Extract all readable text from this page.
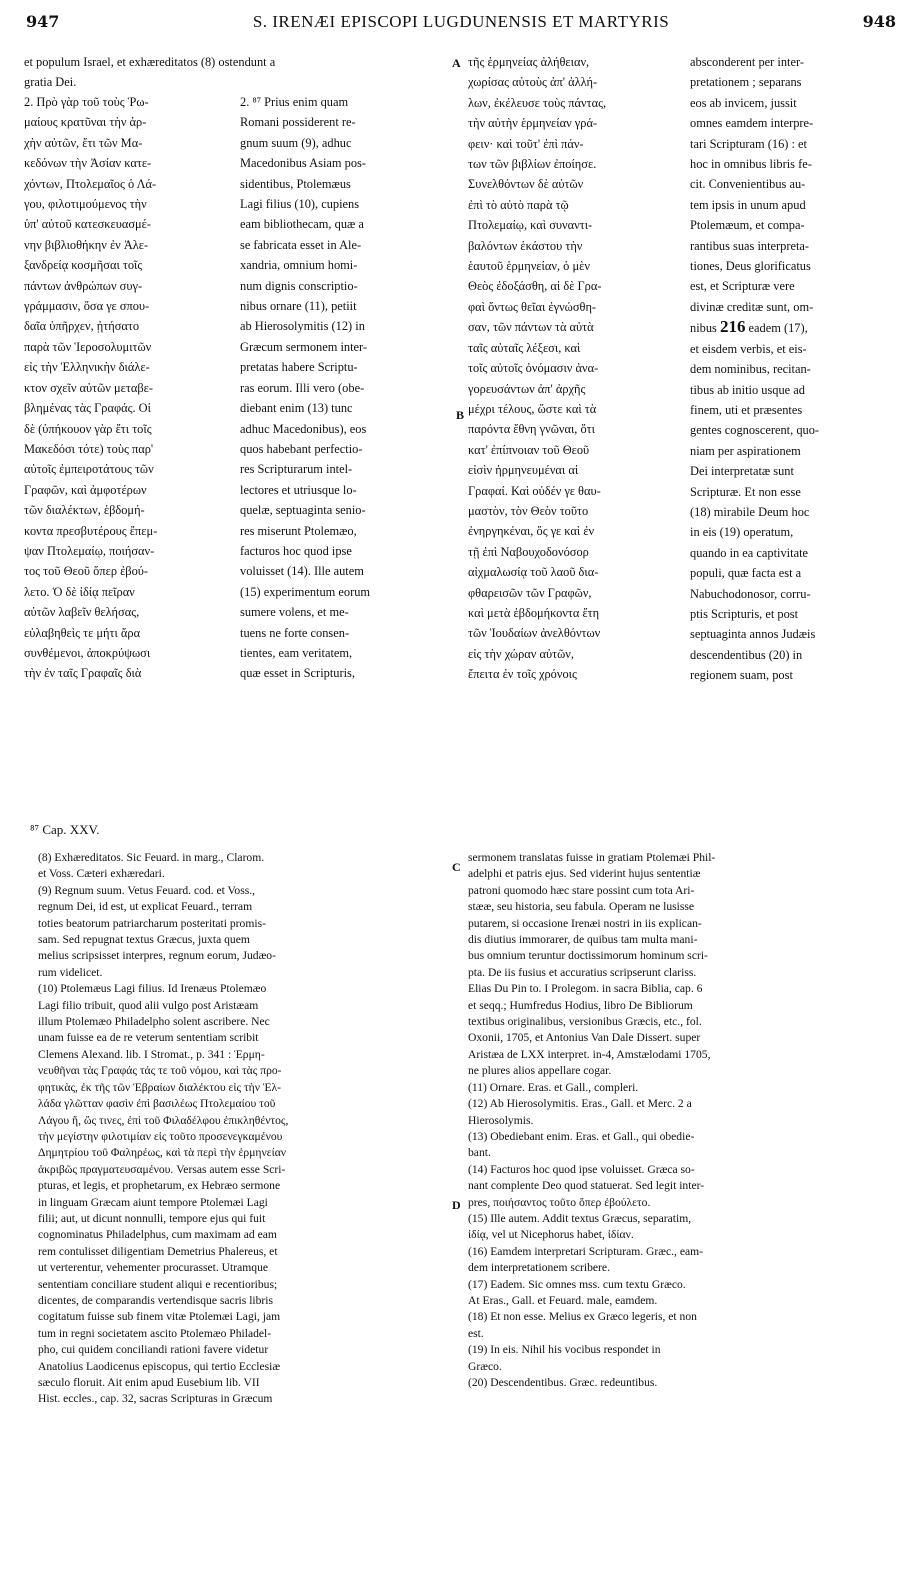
947	S. IRENÆI EPISCOPI LUGDUNENSIS ET MARTYRIS	948

et populum Israel, et exhæreditatos (8) ostendunt a

gratia Dei.

2. Πρὸ γὰρ τοῦ τοὺς Ῥω-

μαίους κρατῦναι τὴν ἀρ-

χὴν αὐτῶν, ἔτι τῶν Μα-

κεδόνων τὴν Ἀσίαν κατε-

χόντων, Πτολεμαῖος ὁ Λά-

γου, φιλοτιμούμενος τὴν

ὑπ' αὐτοῦ κατεσκευασμέ-

νην βιβλιοθήκην ἐν Ἀλε-

ξανδρείᾳ κοσμῆσαι τοῖς

πάντων ἀνθρώπων συγ-

γράμμασιν, ὅσα γε σπου-

δαῖα ὑπῆρχεν, ᾐτήσατο

παρὰ τῶν Ἱεροσολυμιτῶν

εἰς τὴν Ἑλληνικὴν διάλε-

κτον σχεῖν αὐτῶν μεταβε-

βλημένας τὰς Γραφάς. Οἱ

δὲ (ὑπήκουον γὰρ ἔτι τοῖς

Μακεδόσι τότε) τοὺς παρ'

αὐτοῖς ἐμπειροτάτους τῶν

Γραφῶν, καὶ ἀμφοτέρων

τῶν διαλέκτων, ἑβδομή-

κοντα πρεσβυτέρους ἔπεμ-

ψαν Πτολεμαίῳ, ποιήσαν-

τος τοῦ Θεοῦ ὅπερ ἐβού-

λετο. Ὁ δὲ ἰδίᾳ πεῖραν

αὐτῶν λαβεῖν θελήσας,

εὐλαβηθεὶς τε μήτι ἄρα

συνθέμενοι, ἀποκρύψωσι

τὴν ἐν ταῖς Γραφαῖς διὰ

2. ⁸⁷ Prius enim quam

Romani possiderent re-

gnum suum (9), adhuc

Macedonibus Asiam pos-

sidentibus, Ptolemæus

Lagi filius (10), cupiens

eam bibliothecam, quæ a

se fabricata esset in Ale-

xandria, omnium homi-

num dignis conscriptio-

nibus ornare (11), petiit

ab Hierosolymitis (12) in

Græcum sermonem inter-

pretatas habere Scriptu-

ras eorum. Illi vero (obe-

diebant enim (13) tunc

adhuc Macedonibus), eos

quos habebant perfectio-

res Scripturarum intel-

lectores et utriusque lo-

quelæ, septuaginta senio-

res miserunt Ptolemæo,

facturos hoc quod ipse

voluisset (14). Ille autem

(15) experimentum eorum

sumere volens, et me-

tuens ne forte consen-

tientes, eam veritatem,

quæ esset in Scripturis,

τῆς ἑρμηνείας ἀλήθειαν,

χωρίσας αὐτοὺς ἀπ' ἀλλή-

λων, ἐκέλευσε τοὺς πάντας,

τὴν αὐτὴν ἑρμηνείαν γρά-

φειν· καὶ τοῦτ' ἐπὶ πάν-

των τῶν βιβλίων ἐποίησε.

Συνελθόντων δὲ αὐτῶν

ἐπὶ τὸ αὐτὸ παρὰ τῷ

Πτολεμαίῳ, καὶ συναντι-

βαλόντων ἑκάστου τὴν

ἑαυτοῦ ἑρμηνείαν, ὁ μὲν

Θεὸς ἐδοξάσθη, αἱ δὲ Γρα-

φαὶ ὄντως θεῖαι ἐγνώσθη-

σαν, τῶν πάντων τὰ αὐτὰ

ταῖς αὐταῖς λέξεσι, καὶ

τοῖς αὐτοῖς ὀνόμασιν ἀνα-

γορευσάντων ἀπ' ἀρχῆς

μέχρι τέλους, ὥστε καὶ τὰ

παρόντα ἔθνη γνῶναι, ὅτι

κατ' ἐπίπνοιαν τοῦ Θεοῦ

εἰσὶν ἡρμηνευμέναι αἱ

Γραφαί. Καὶ οὐδέν γε θαυ-

μαστὸν, τὸν Θεὸν τοῦτο

ἐνηργηκέναι, ὅς γε καὶ ἐν

τῇ ἐπὶ Ναβουχοδονόσορ

αἰχμαλωσίᾳ τοῦ λαοῦ δια-

φθαρεισῶν τῶν Γραφῶν,

καὶ μετὰ ἑβδομήκοντα ἔτη

τῶν Ἰουδαίων ἀνελθόντων

εἰς τὴν χώραν αὐτῶν,

ἔπειτα ἐν τοῖς χρόνοις

absconderent per inter-

pretationem ; separans

eos ab invicem, jussit

omnes eamdem interpre-

tari Scripturam (16) : et

hoc in omnibus libris fe-

cit. Convenientibus au-

tem ipsis in unum apud

Ptolemæum, et compa-

rantibus suas interpreta-

tiones, Deus glorificatus

est, et Scripturæ vere

divinæ creditæ sunt, om-

nibus 216 eadem (17),

et eisdem verbis, et eis-

dem nominibus, recitan-

tibus ab initio usque ad

finem, uti et præsentes

gentes cognoscerent, quo-

niam per aspirationem

Dei interpretatæ sunt

Scripturæ. Et non esse

(18) mirabile Deum hoc

in eis (19) operatum,

quando in ea captivitate

populi, quæ facta est a

Nabuchodonosor, corru-

ptis Scripturis, et post

septuaginta annos Judæis

descendentibus (20) in

regionem suam, post

A
B
C
D
⁸⁷ Cap. XXV.

(8) Exhæreditatos. Sic Feuard. in marg., Clarom.

et Voss. Cæteri exhæredari.

(9) Regnum suum. Vetus Feuard. cod. et Voss.,

regnum Dei, id est, ut explicat Feuard., terram

toties beatorum patriarcharum posteritati promis-

sam. Sed repugnat textus Græcus, juxta quem

melius scripsisset interpres, regnum eorum, Judæo-

rum videlicet.

(10) Ptolemæus Lagi filius. Id Irenæus Ptolemæo

Lagi filio tribuit, quod alii vulgo post Aristæam

illum Ptolemæo Philadelpho solent ascribere. Nec

unam fuisse ea de re veterum sententiam scribit

Clemens Alexand. lib. I Stromat., p. 341 : Ἑρμη-

νευθῆναι τὰς Γραφάς τάς τε τοῦ νόμου, καὶ τὰς προ-

φητικὰς, ἐκ τῆς τῶν Ἑβραίων διαλέκτου εἰς τὴν Ἑλ-

λάδα γλῶτταν φασὶν ἐπὶ βασιλέως Πτολεμαίου τοῦ

Λάγου ἤ, ὥς τινες, ἐπὶ τοῦ Φιλαδέλφου ἐπικληθέντος,

τὴν μεγίστην φιλοτιμίαν εἰς τοῦτο προσενεγκαμένου

Δημητρίου τοῦ Φαληρέως, καὶ τὰ περὶ τὴν ἑρμηνείαν

ἀκριβῶς πραγματευσαμένου. Versas autem esse Scri-

pturas, et legis, et prophetarum, ex Hebræo sermone

in linguam Græcam aiunt tempore Ptolemæi Lagi

filii; aut, ut dicunt nonnulli, tempore ejus qui fuit

cognominatus Philadelphus, cum maximam ad eam

rem contulisset diligentiam Demetrius Phalereus, et

ut verterentur, vehementer procurasset. Utramque

sententiam conciliare student aliqui e recentioribus;

dicentes, de comparandis vertendisque sacris libris

cogitatum fuisse sub finem vitæ Ptolemæi Lagi, jam

tum in regni societatem ascito Ptolemæo Philadel-

pho, cui quidem conciliandi rationi favere videtur

Anatolius Laodicenus episcopus, qui tertio Ecclesiæ

sæculo floruit. Ait enim apud Eusebium lib. VII

Hist. eccles., cap. 32, sacras Scripturas in Græcum

sermonem translatas fuisse in gratiam Ptolemæi Phil-

adelphi et patris ejus. Sed viderint hujus sententiæ

patroni quomodo hæc stare possint cum tota Ari-

stææ, seu historia, seu fabula. Operam ne lusisse

putarem, si occasione Irenæi nostri in iis explican-

dis diutius immorarer, de quibus tam multa mani-

bus omnium teruntur doctissimorum hominum scri-

pta. De iis fusius et accuratius scripserunt clariss.

Elias Du Pin to. I Prolegom. in sacra Biblia, cap. 6

et seqq.; Humfredus Hodius, libro De Bibliorum

textibus originalibus, versionibus Græcis, etc., fol.

Oxonii, 1705, et Antonius Van Dale Dissert. super

Aristæa de LXX interpret. in-4, Amstælodami 1705,

ne plures alios appellare cogar.

(11) Ornare. Eras. et Gall., compleri.

(12) Ab Hierosolymitis. Eras., Gall. et Merc. 2 a

Hierosolymis.

(13) Obediebant enim. Eras. et Gall., qui obedie-

bant.

(14) Facturos hoc quod ipse voluisset. Græca so-

nant complente Deo quod statuerat. Sed legit inter-

pres, ποιήσαντος τοῦτο ὅπερ ἐβούλετο.

(15) Ille autem. Addit textus Græcus, separatim,

ἰδίᾳ, vel ut Nicephorus habet, ἰδίαν.

(16) Eamdem interpretari Scripturam. Græc., eam-

dem interpretationem scribere.

(17) Eadem. Sic omnes mss. cum textu Græco.

At Eras., Gall. et Feuard. male, eamdem.

(18) Et non esse. Melius ex Græco legeris, et non

est.

(19) In eis. Nihil his vocibus respondet in

Græco.

(20) Descendentibus. Græc. redeuntibus.
